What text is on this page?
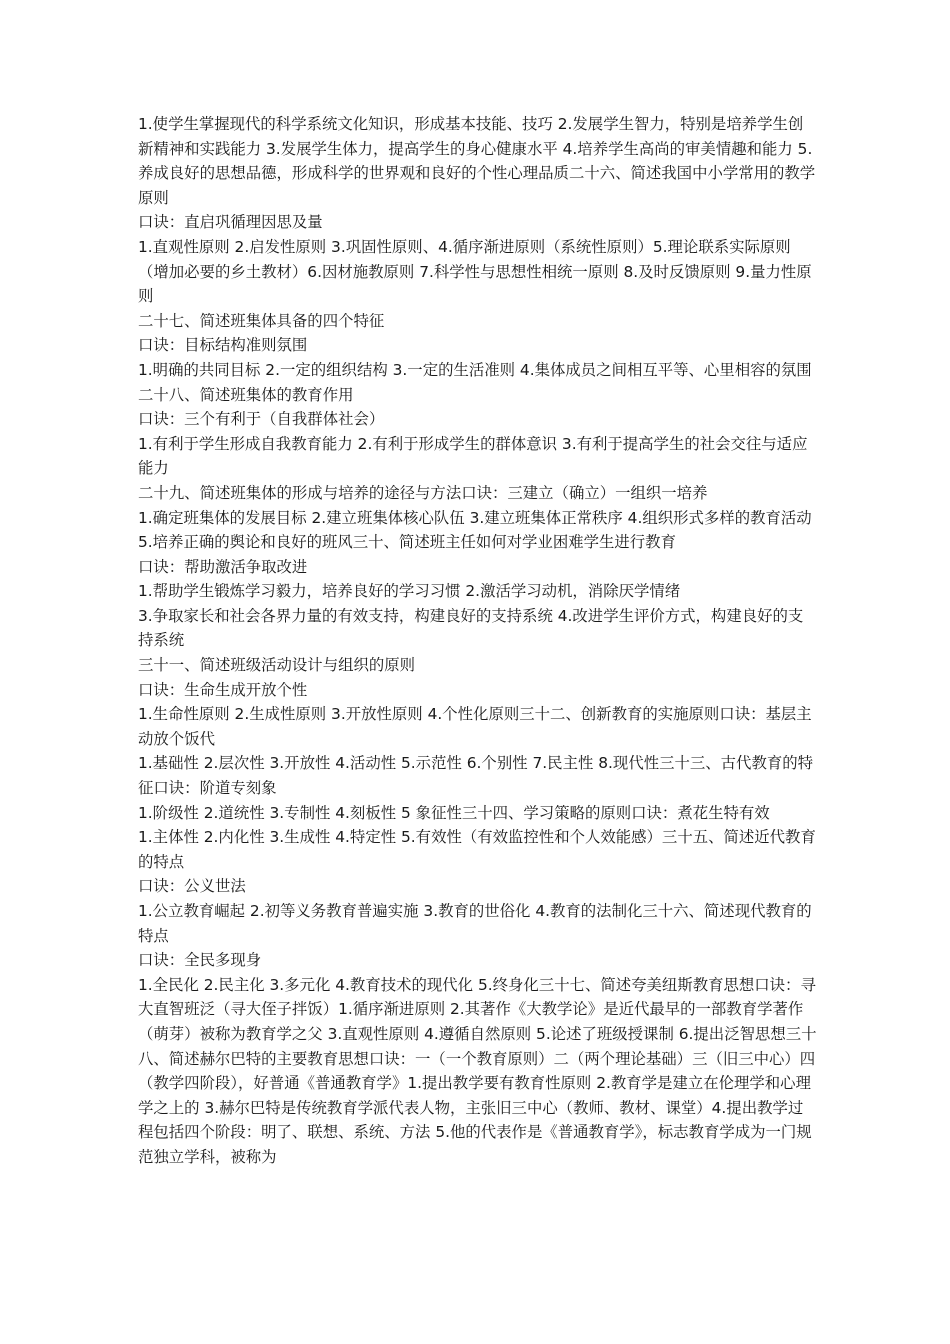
1.使学生掌握现代的科学系统文化知识，形成基本技能、技巧 2.发展学生智力，特别是培养学生创新精神和实践能力 3.发展学生体力，提高学生的身心健康水平 4.培养学生高尚的审美情趣和能力 5.养成良好的思想品德，形成科学的世界观和良好的个性心理品质二十六、简述我国中小学常用的教学原则

口诀：直启巩循理因思及量

1.直观性原则 2.启发性原则 3.巩固性原则、4.循序渐进原则（系统性原则）5.理论联系实际原则（增加必要的乡土教材）6.因材施教原则 7.科学性与思想性相统一原则 8.及时反馈原则 9.量力性原则

二十七、简述班集体具备的四个特征

口诀：目标结构准则氛围

1.明确的共同目标 2.一定的组织结构 3.一定的生活准则 4.集体成员之间相互平等、心里相容的氛围

二十八、简述班集体的教育作用

口诀：三个有利于（自我群体社会）

1.有利于学生形成自我教育能力 2.有利于形成学生的群体意识 3.有利于提高学生的社会交往与适应能力

二十九、简述班集体的形成与培养的途径与方法口诀：三建立（确立）一组织一培养

1.确定班集体的发展目标 2.建立班集体核心队伍 3.建立班集体正常秩序 4.组织形式多样的教育活动 5.培养正确的舆论和良好的班风三十、简述班主任如何对学业困难学生进行教育

口诀：帮助激活争取改进

1.帮助学生锻炼学习毅力，培养良好的学习习惯 2.激活学习动机，消除厌学情绪

3.争取家长和社会各界力量的有效支持，构建良好的支持系统 4.改进学生评价方式，构建良好的支持系统

三十一、简述班级活动设计与组织的原则

口诀：生命生成开放个性

1.生命性原则 2.生成性原则 3.开放性原则 4.个性化原则三十二、创新教育的实施原则口诀：基层主动放个饭代

1.基础性 2.层次性 3.开放性 4.活动性 5.示范性 6.个别性 7.民主性 8.现代性三十三、古代教育的特征口诀：阶道专刻象

1.阶级性 2.道统性 3.专制性 4.刻板性 5 象征性三十四、学习策略的原则口诀：煮花生特有效

1.主体性 2.内化性 3.生成性 4.特定性 5.有效性（有效监控性和个人效能感）三十五、简述近代教育的特点

口诀：公义世法

1.公立教育崛起 2.初等义务教育普遍实施 3.教育的世俗化 4.教育的法制化三十六、简述现代教育的特点

口诀：全民多现身

1.全民化 2.民主化 3.多元化 4.教育技术的现代化 5.终身化三十七、简述夸美纽斯教育思想口诀：寻大直智班泛（寻大侄子拌饭）1.循序渐进原则 2.其著作《大教学论》是近代最早的一部教育学著作（萌芽）被称为教育学之父 3.直观性原则 4.遵循自然原则 5.论述了班级授课制 6.提出泛智思想三十八、简述赫尔巴特的主要教育思想口诀：一（一个教育原则）二（两个理论基础）三（旧三中心）四（教学四阶段），好普通《普通教育学》1.提出教学要有教育性原则 2.教育学是建立在伦理学和心理学之上的 3.赫尔巴特是传统教育学派代表人物，主张旧三中心（教师、教材、课堂）4.提出教学过程包括四个阶段：明了、联想、系统、方法 5.他的代表作是《普通教育学》，标志教育学成为一门规范独立学科，被称为
